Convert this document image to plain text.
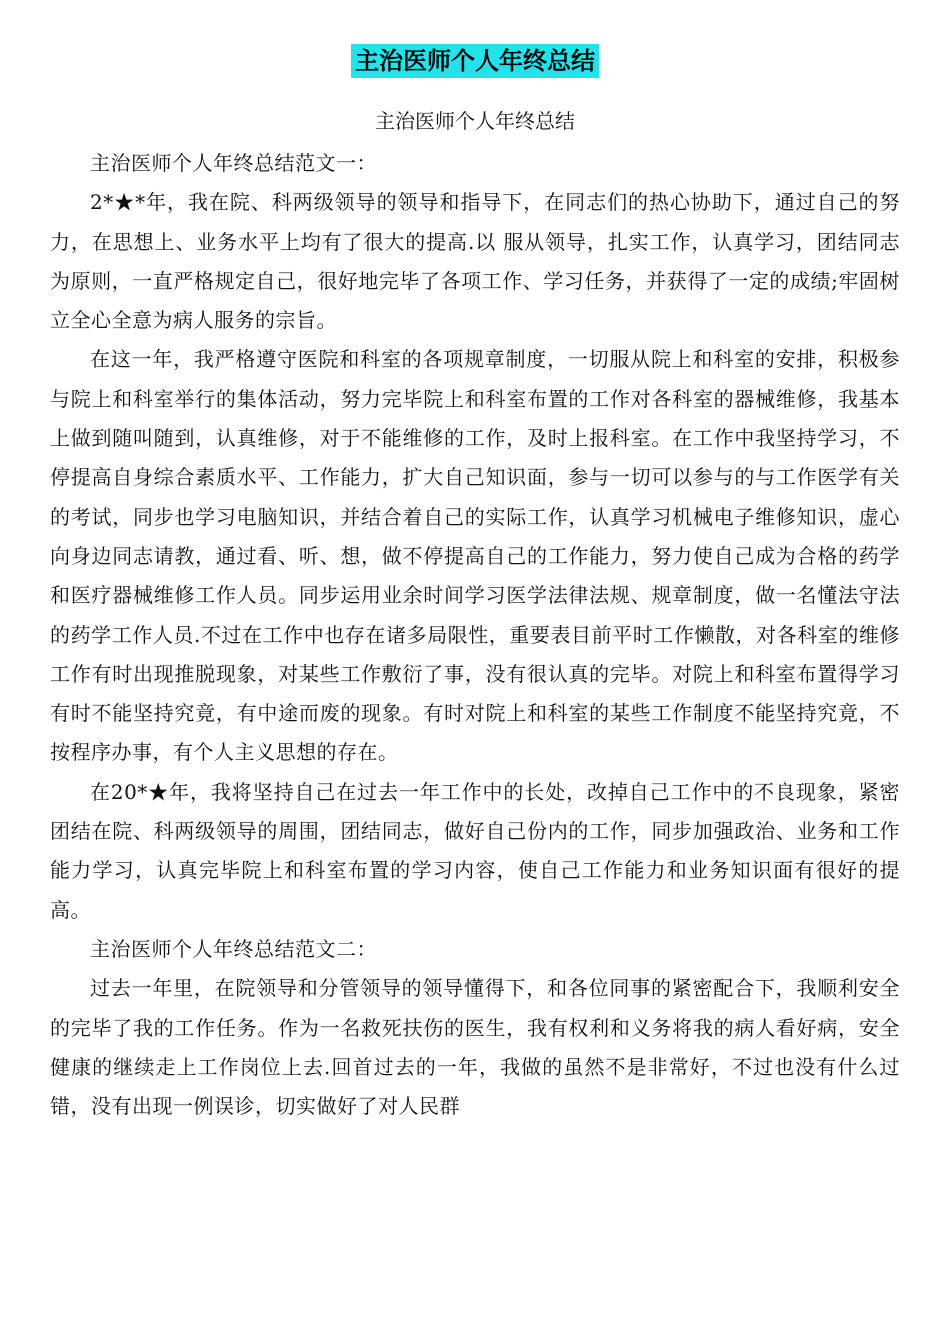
主治医师个人年终总结
主治医师个人年终总结

主治医师个人年终总结范文一：

2*★*年，我在院、科两级领导的领导和指导下，在同志们的热心协助下，通过自己的努力，在思想上、业务水平上均有了很大的提高.以 服从领导，扎实工作，认真学习，团结同志 为原则，一直严格规定自己，很好地完毕了各项工作、学习任务，并获得了一定的成绩;牢固树立全心全意为病人服务的宗旨。

在这一年，我严格遵守医院和科室的各项规章制度，一切服从院上和科室的安排，积极参与院上和科室举行的集体活动，努力完毕院上和科室布置的工作对各科室的器械维修，我基本上做到随叫随到，认真维修，对于不能维修的工作，及时上报科室。在工作中我坚持学习，不停提高自身综合素质水平、工作能力，扩大自己知识面，参与一切可以参与的与工作医学有关的考试，同步也学习电脑知识，并结合着自己的实际工作，认真学习机械电子维修知识，虚心向身边同志请教，通过看、听、想，做不停提高自己的工作能力，努力使自己成为合格的药学和医疗器械维修工作人员。同步运用业余时间学习医学法律法规、规章制度，做一名懂法守法的药学工作人员.不过在工作中也存在诸多局限性，重要表目前平时工作懒散，对各科室的维修工作有时出现推脱现象，对某些工作敷衍了事，没有很认真的完毕。对院上和科室布置得学习有时不能坚持究竟，有中途而废的现象。有时对院上和科室的某些工作制度不能坚持究竟，不按程序办事，有个人主义思想的存在。

在20*★年，我将坚持自己在过去一年工作中的长处，改掉自己工作中的不良现象，紧密团结在院、科两级领导的周围，团结同志，做好自己份内的工作，同步加强政治、业务和工作能力学习，认真完毕院上和科室布置的学习内容，使自己工作能力和业务知识面有很好的提高。

主治医师个人年终总结范文二：

过去一年里，在院领导和分管领导的领导懂得下，和各位同事的紧密配合下，我顺利安全的完毕了我的工作任务。作为一名救死扶伤的医生，我有权利和义务将我的病人看好病，安全健康的继续走上工作岗位上去.回首过去的一年，我做的虽然不是非常好，不过也没有什么过错，没有出现一例误诊，切实做好了对人民群
